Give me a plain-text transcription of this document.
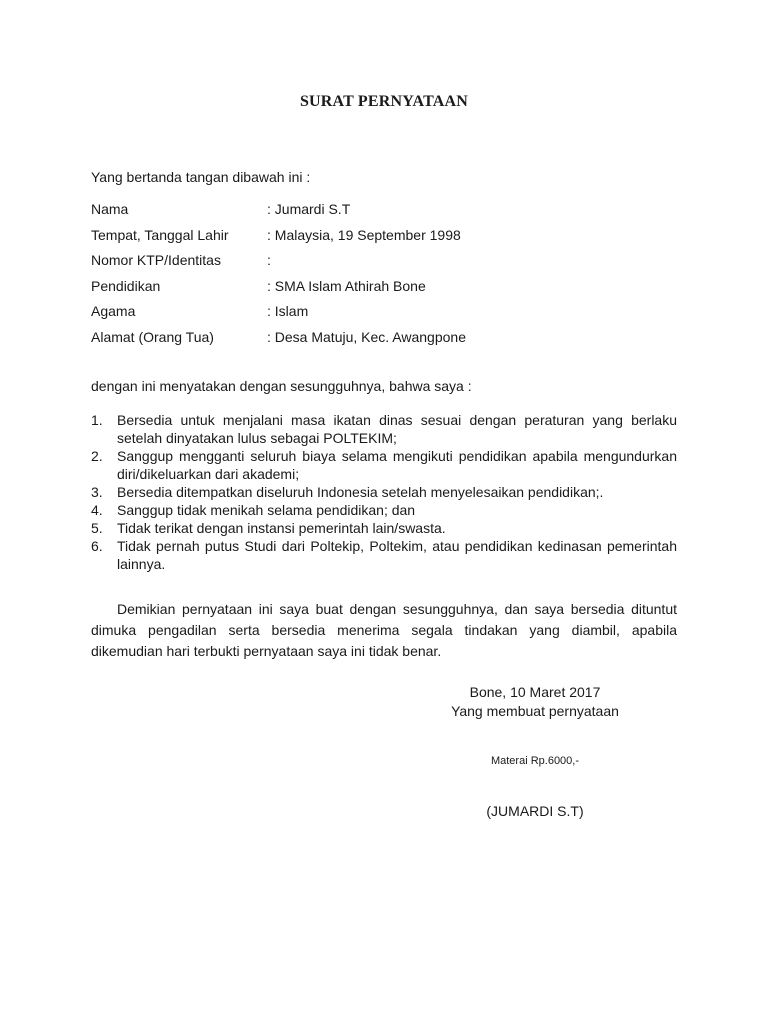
SURAT PERNYATAAN
Yang bertanda tangan dibawah ini :
Nama	: Jumardi S.T
Tempat, Tanggal Lahir	: Malaysia, 19 September 1998
Nomor KTP/Identitas	:
Pendidikan	: SMA Islam Athirah Bone
Agama	: Islam
Alamat (Orang Tua)	: Desa Matuju, Kec. Awangpone
dengan ini menyatakan dengan sesungguhnya, bahwa saya :
1.	Bersedia untuk menjalani masa ikatan dinas sesuai dengan peraturan yang berlaku setelah dinyatakan lulus sebagai POLTEKIM;
2.	Sanggup mengganti seluruh biaya selama mengikuti pendidikan apabila mengundurkan diri/dikeluarkan dari akademi;
3.	Bersedia ditempatkan diseluruh Indonesia setelah menyelesaikan pendidikan;.
4.	Sanggup tidak menikah selama pendidikan; dan
5.	Tidak terikat dengan instansi pemerintah lain/swasta.
6.	Tidak pernah putus Studi dari Poltekip, Poltekim, atau pendidikan kedinasan pemerintah lainnya.
Demikian pernyataan ini saya buat dengan sesungguhnya, dan saya bersedia dituntut dimuka pengadilan serta bersedia menerima segala tindakan yang diambil, apabila dikemudian hari terbukti pernyataan saya ini tidak benar.
Bone, 10 Maret 2017
Yang membuat pernyataan
Materai Rp.6000,-
(JUMARDI S.T)
